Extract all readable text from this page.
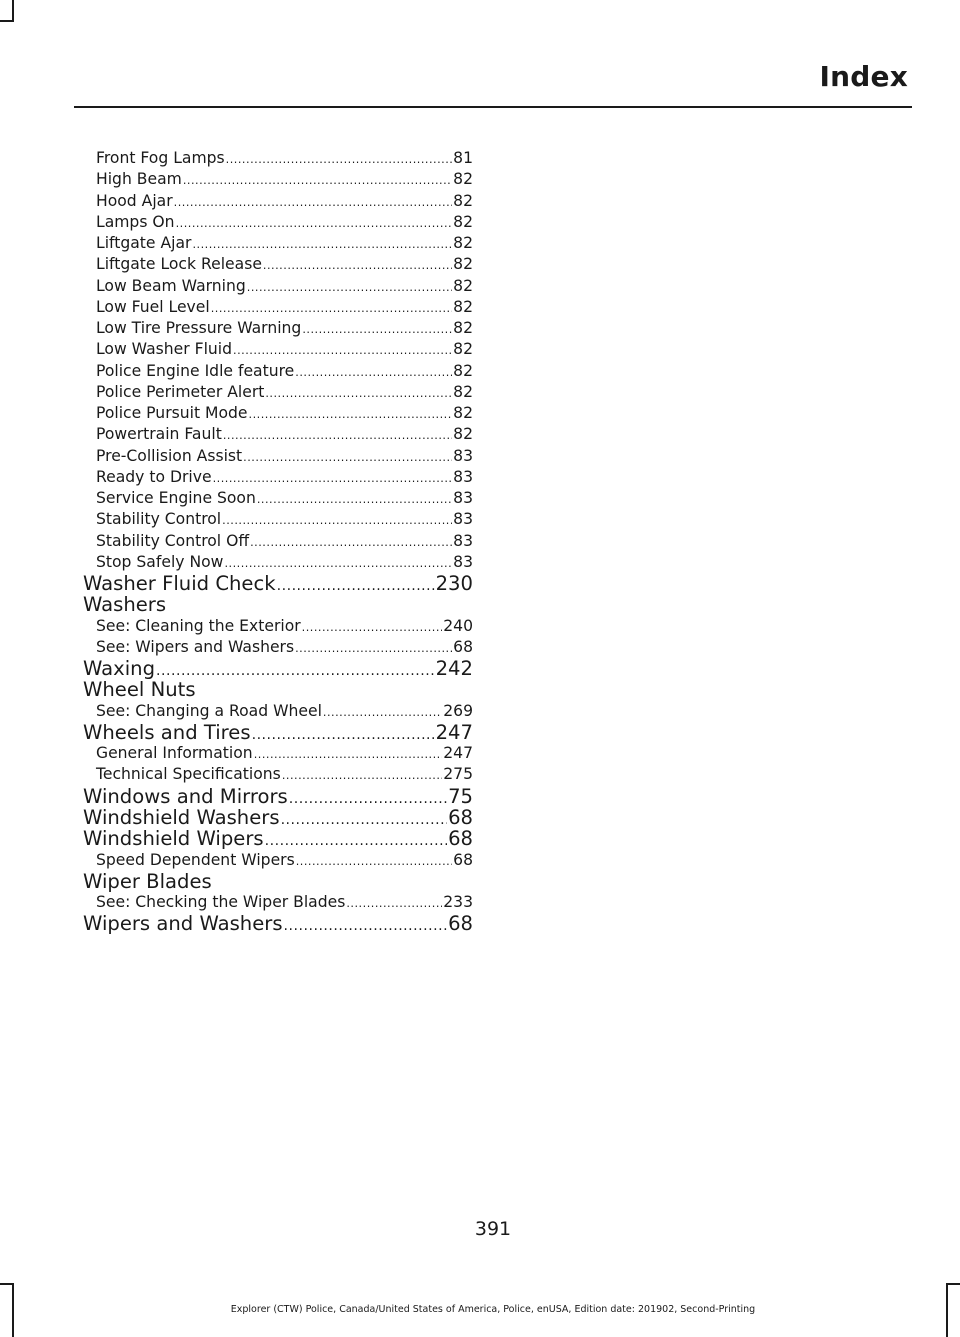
Index
Front Fog Lamps .....	81
High Beam .....	82
Hood Ajar .....	82
Lamps On .....	82
Liftgate Ajar .....	82
Liftgate Lock Release .....	82
Low Beam Warning .....	82
Low Fuel Level .....	82
Low Tire Pressure Warning .....	82
Low Washer Fluid .....	82
Police Engine Idle feature .....	82
Police Perimeter Alert .....	82
Police Pursuit Mode .....	82
Powertrain Fault .....	82
Pre-Collision Assist .....	83
Ready to Drive .....	83
Service Engine Soon .....	83
Stability Control .....	83
Stability Control Off .....	83
Stop Safely Now .....	83
Washer Fluid Check .....	230
Washers
See: Cleaning the Exterior .....	240
See: Wipers and Washers .....	68
Waxing .....	242
Wheel Nuts
See: Changing a Road Wheel .....	269
Wheels and Tires .....	247
General Information .....	247
Technical Specifications .....	275
Windows and Mirrors .....	75
Windshield Washers .....	68
Windshield Wipers .....	68
Speed Dependent Wipers .....	68
Wiper Blades
See: Checking the Wiper Blades .....	233
Wipers and Washers .....	68
391
Explorer (CTW) Police, Canada/United States of America, Police, enUSA, Edition date: 201902, Second-Printing
